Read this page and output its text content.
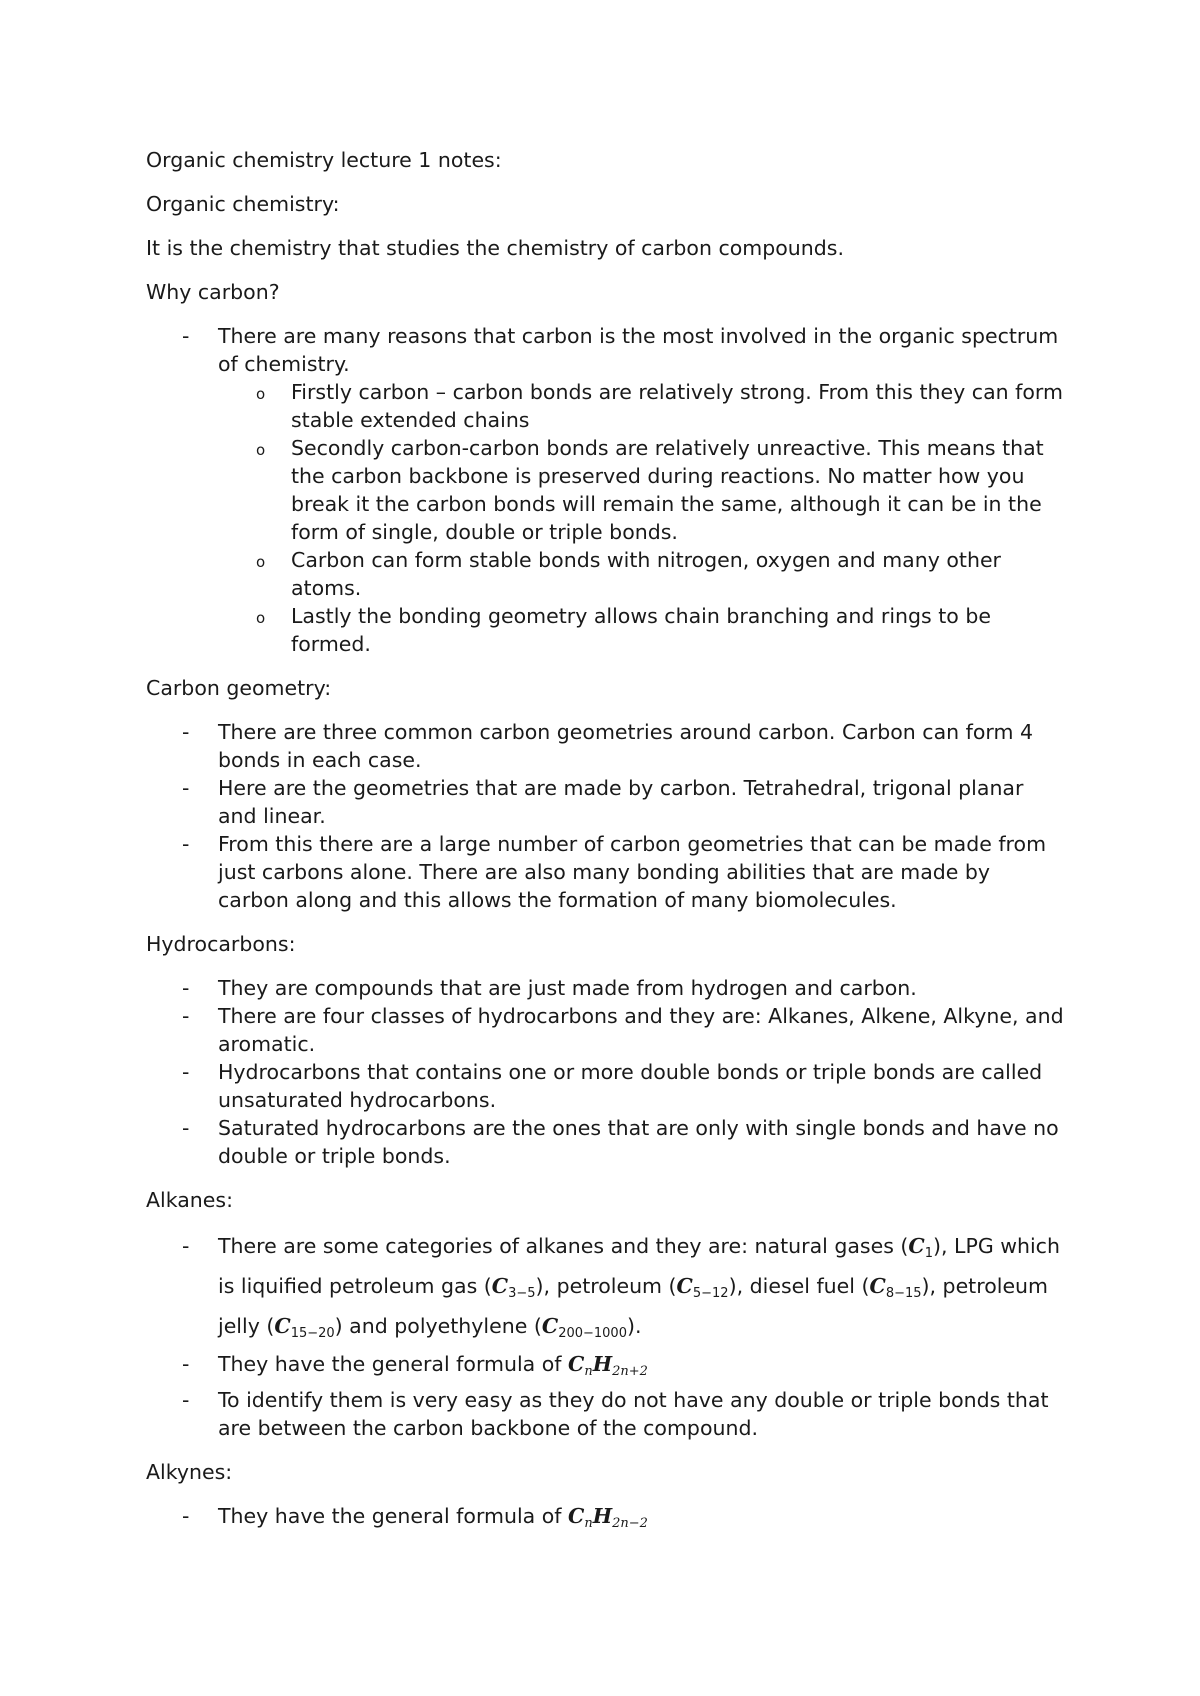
Organic chemistry lecture 1 notes:

Organic chemistry:

It is the chemistry that studies the chemistry of carbon compounds.

Why carbon?

- There are many reasons that carbon is the most involved in the organic spectrum of chemistry.
o Firstly carbon – carbon bonds are relatively strong. From this they can form stable extended chains
o Secondly carbon-carbon bonds are relatively unreactive. This means that the carbon backbone is preserved during reactions. No matter how you break it the carbon bonds will remain the same, although it can be in the form of single, double or triple bonds.
o Carbon can form stable bonds with nitrogen, oxygen and many other atoms.
o Lastly the bonding geometry allows chain branching and rings to be formed.

Carbon geometry:

- There are three common carbon geometries around carbon. Carbon can form 4 bonds in each case.
- Here are the geometries that are made by carbon. Tetrahedral, trigonal planar and linear.
- From this there are a large number of carbon geometries that can be made from just carbons alone. There are also many bonding abilities that are made by carbon along and this allows the formation of many biomolecules.

Hydrocarbons:

- They are compounds that are just made from hydrogen and carbon.
- There are four classes of hydrocarbons and they are: Alkanes, Alkene, Alkyne, and aromatic.
- Hydrocarbons that contains one or more double bonds or triple bonds are called unsaturated hydrocarbons.
- Saturated hydrocarbons are the ones that are only with single bonds and have no double or triple bonds.

Alkanes:

- There are some categories of alkanes and they are: natural gases $(C_1)$, LPG which is liquified petroleum gas $(C_{3-5})$, petroleum $(C_{5-12})$, diesel fuel $(C_{8-15})$, petroleum jelly $(C_{15-20})$ and polyethylene $(C_{200-1000})$.
- They have the general formula of CnH2n+2
- To identify them is very easy as they do not have any double or triple bonds that are between the carbon backbone of the compound.

Alkynes:

- They have the general formula of CnH2n−2
